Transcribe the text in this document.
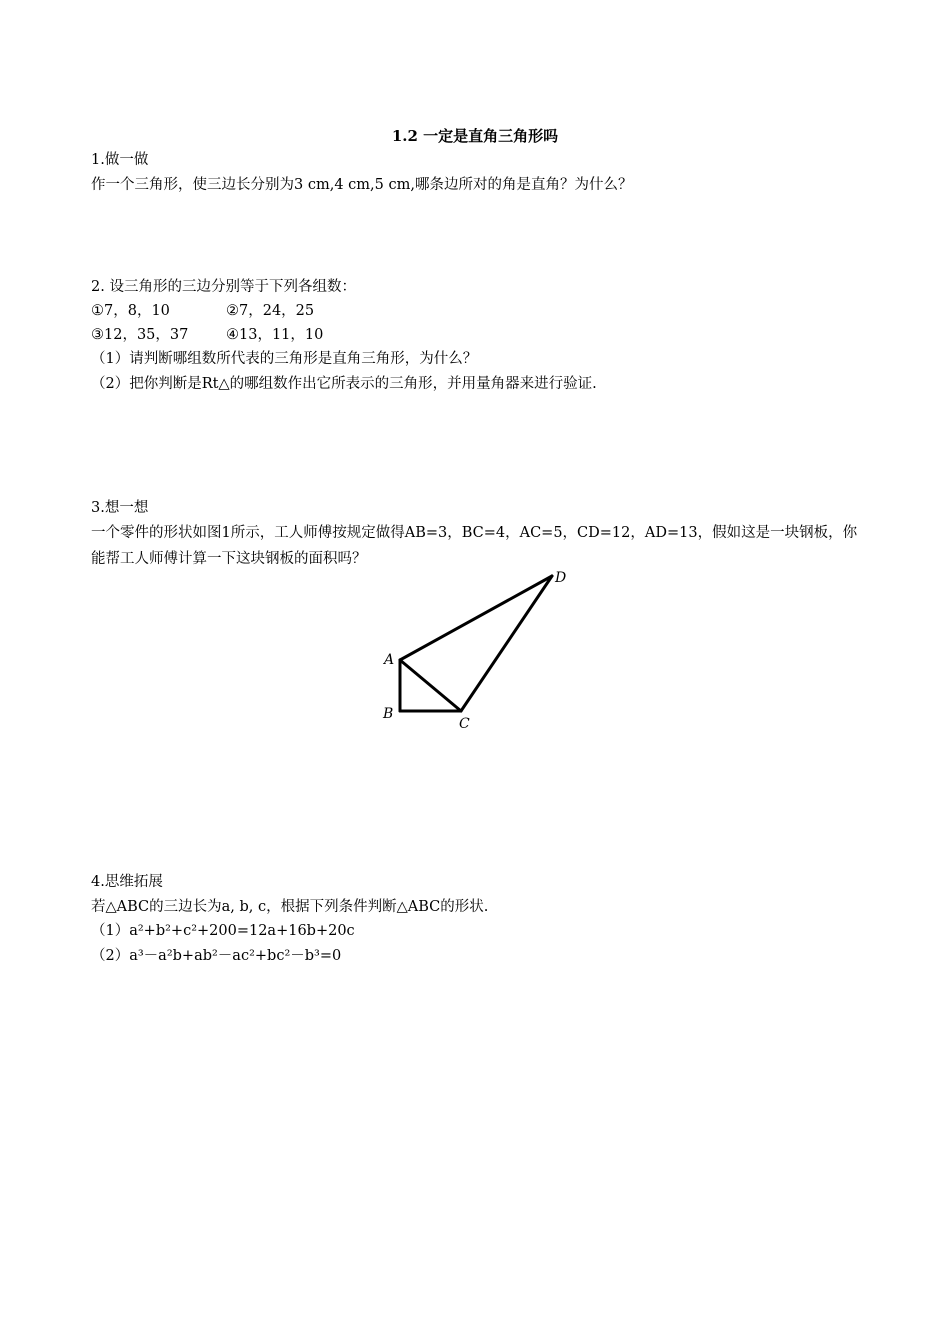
1.2 一定是直角三角形吗
1.做一做
作一个三角形，使三边长分别为3 cm,4 cm,5 cm,哪条边所对的角是直角？为什么？
2. 设三角形的三边分别等于下列各组数：
①7，8，10	②7，24，25
③12，35，37	④13，11，10
（1）请判断哪组数所代表的三角形是直角三角形，为什么？
（2）把你判断是Rt△的哪组数作出它所表示的三角形，并用量角器来进行验证.
3.想一想
一个零件的形状如图1所示，工人师傅按规定做得AB=3，BC=4，AC=5，CD=12，AD=13，假如这是一块钢板，你
能帮工人师傅计算一下这块钢板的面积吗？
A
B
C
D
4.思维拓展
若△ABC的三边长为a, b, c，根据下列条件判断△ABC的形状.
（1）a²+b²+c²+200=12a+16b+20c
（2）a³－a²b+ab²－ac²+bc²－b³=0
